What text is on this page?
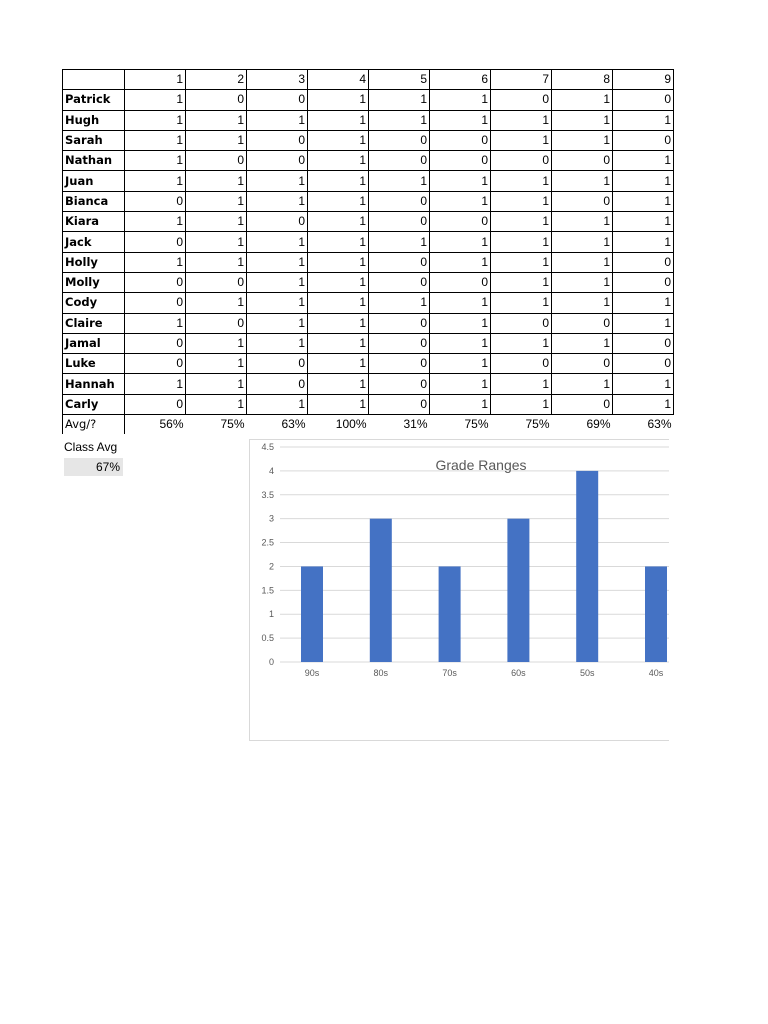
	1	2	3	4	5	6	7	8	9
Patrick	1	0	0	1	1	1	0	1	0
Hugh	1	1	1	1	1	1	1	1	1
Sarah	1	1	0	1	0	0	1	1	0
Nathan	1	0	0	1	0	0	0	0	1
Juan	1	1	1	1	1	1	1	1	1
Bianca	0	1	1	1	0	1	1	0	1
Kiara	1	1	0	1	0	0	1	1	1
Jack	0	1	1	1	1	1	1	1	1
Holly	1	1	1	1	0	1	1	1	0
Molly	0	0	1	1	0	0	1	1	0
Cody	0	1	1	1	1	1	1	1	1
Claire	1	0	1	1	0	1	0	0	1
Jamal	0	1	1	1	0	1	1	1	0
Luke	0	1	0	1	0	1	0	0	0
Hannah	1	1	0	1	0	1	1	1	1
Carly	0	1	1	1	0	1	1	0	1
Avg/?	56%	75%	63%	100%	31%	75%	75%	69%	63%
Class Avg
67%
0
0.5
1
1.5
2
2.5
3
3.5
4
4.5
90s	80s	70s	60s	50s	40s
Grade Ranges
